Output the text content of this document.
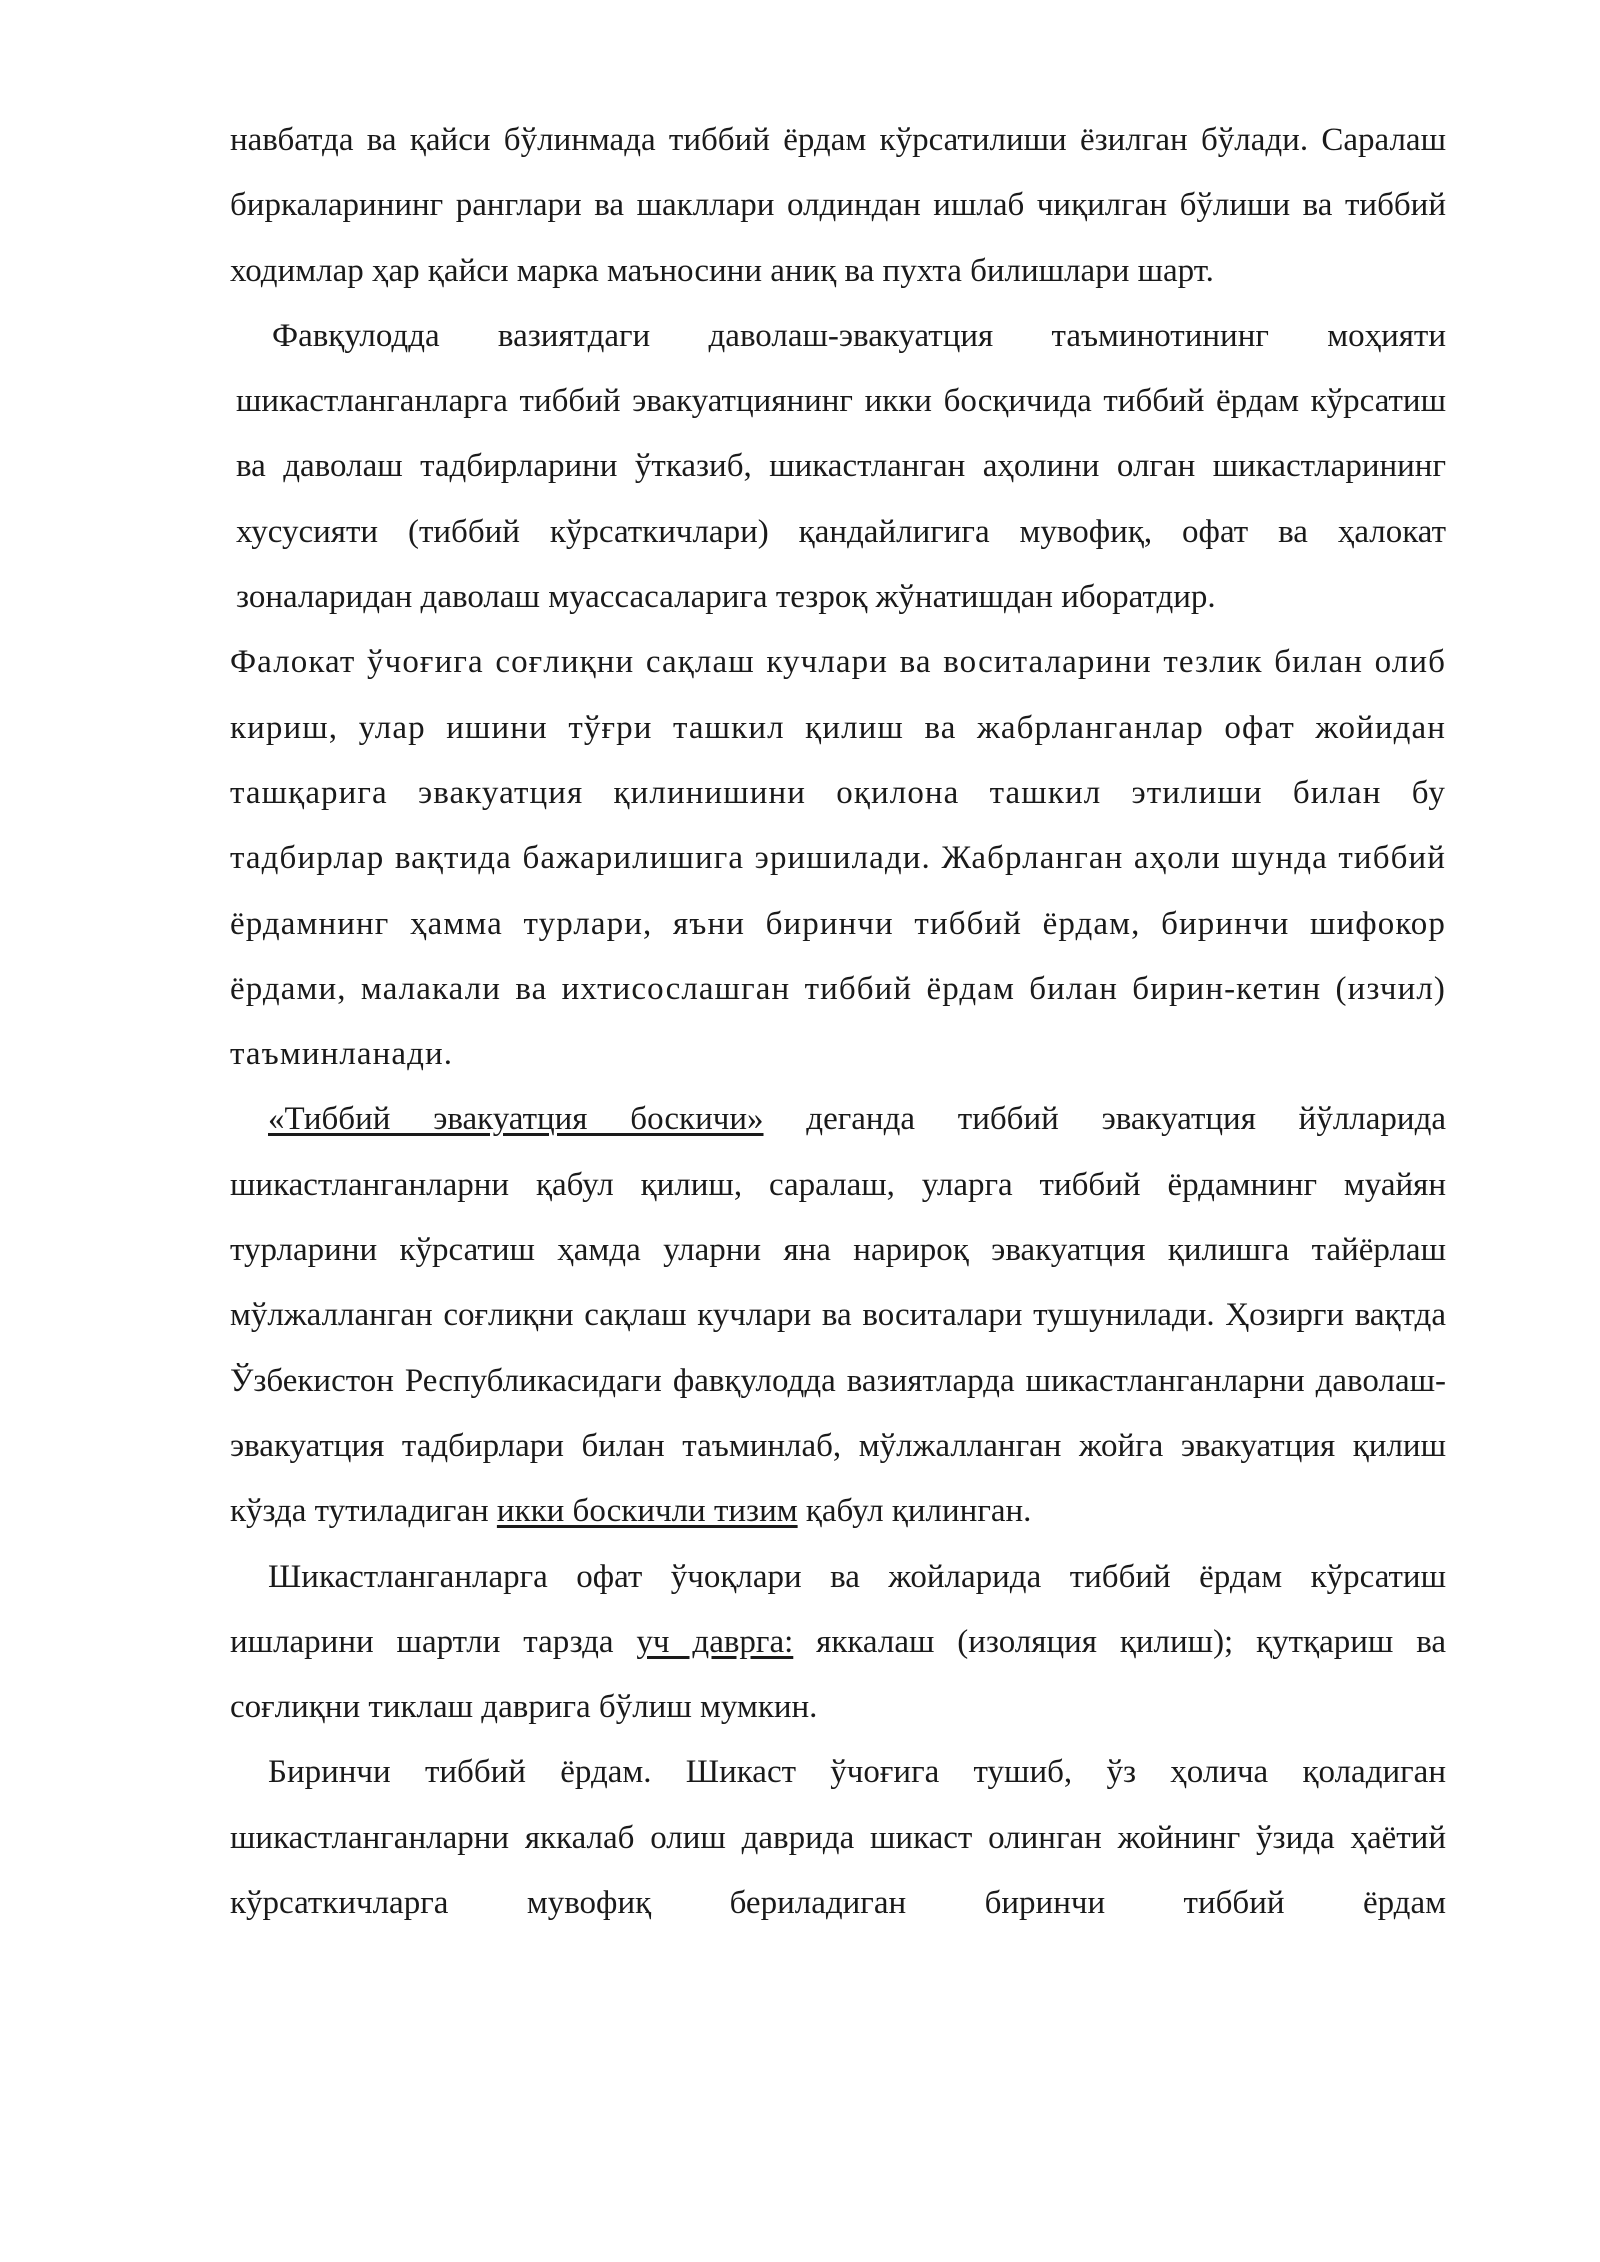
навбатда ва қайси бўлинмада тиббий ёрдам кўрсатилиши ёзилган бўлади. Саралаш биркаларининг ранглари ва шакллари олдиндан ишлаб чиқилган бўлиши ва тиббий ходимлар ҳар қайси марка маъносини аниқ ва пухта билишлари шарт.

Фавқулодда вазиятдаги даволаш-эвакуатция таъминотининг моҳияти шикастланганларга тиббий эвакуатциянинг икки босқичида тиббий ёрдам кўрсатиш ва даволаш тадбирларини ўтказиб, шикастланган аҳолини олган шикастларининг хусусияти (тиббий кўрсаткичлари) қандайлигига мувофиқ, офат ва ҳалокат зоналаридан даволаш муассасаларига тезроқ жўнатишдан иборатдир.

Фалокат ўчоғига соғлиқни сақлаш кучлари ва воситаларини тезлик билан олиб кириш, улар ишини тўғри ташкил қилиш ва жабрланганлар офат жойидан ташқарига эвакуатция қилинишини оқилона ташкил этилиши билан бу тадбирлар вақтида бажарилишига эришилади. Жабрланган аҳоли шунда тиббий ёрдамнинг ҳамма турлари, яъни биринчи тиббий ёрдам, биринчи шифокор ёрдами, малакали ва ихтисослашган тиббий ёрдам билан бирин-кетин (изчил) таъминланади.

«Тиббий эвакуатция боскичи» деганда тиббий эвакуатция йўлларида шикастланганларни қабул қилиш, саралаш, уларга тиббий ёрдамнинг муайян турларини кўрсатиш ҳамда уларни яна нарироқ эвакуатция қилишга тайёрлаш мўлжалланган соғлиқни сақлаш кучлари ва воситалари тушунилади. Ҳозирги вақтда Ўзбекистон Республикасидаги фавқулодда вазиятларда шикастланганларни даволаш-эвакуатция тадбирлари билан таъминлаб, мўлжалланган жойга эвакуатция қилиш кўзда тутиладиган икки боскичли тизим қабул қилинган.

Шикастланганларга офат ўчоқлари ва жойларида тиббий ёрдам кўрсатиш ишларини шартли тарзда уч даврга: яккалаш (изоляция қилиш); қутқариш ва соғлиқни тиклаш даврига бўлиш мумкин.

Биринчи тиббий ёрдам. Шикаст ўчоғига тушиб, ўз ҳолича қоладиган шикастланганларни яккалаб олиш даврида шикаст олинган жойнинг ўзида ҳаётий кўрсаткичларга мувофиқ бериладиган биринчи тиббий ёрдам
